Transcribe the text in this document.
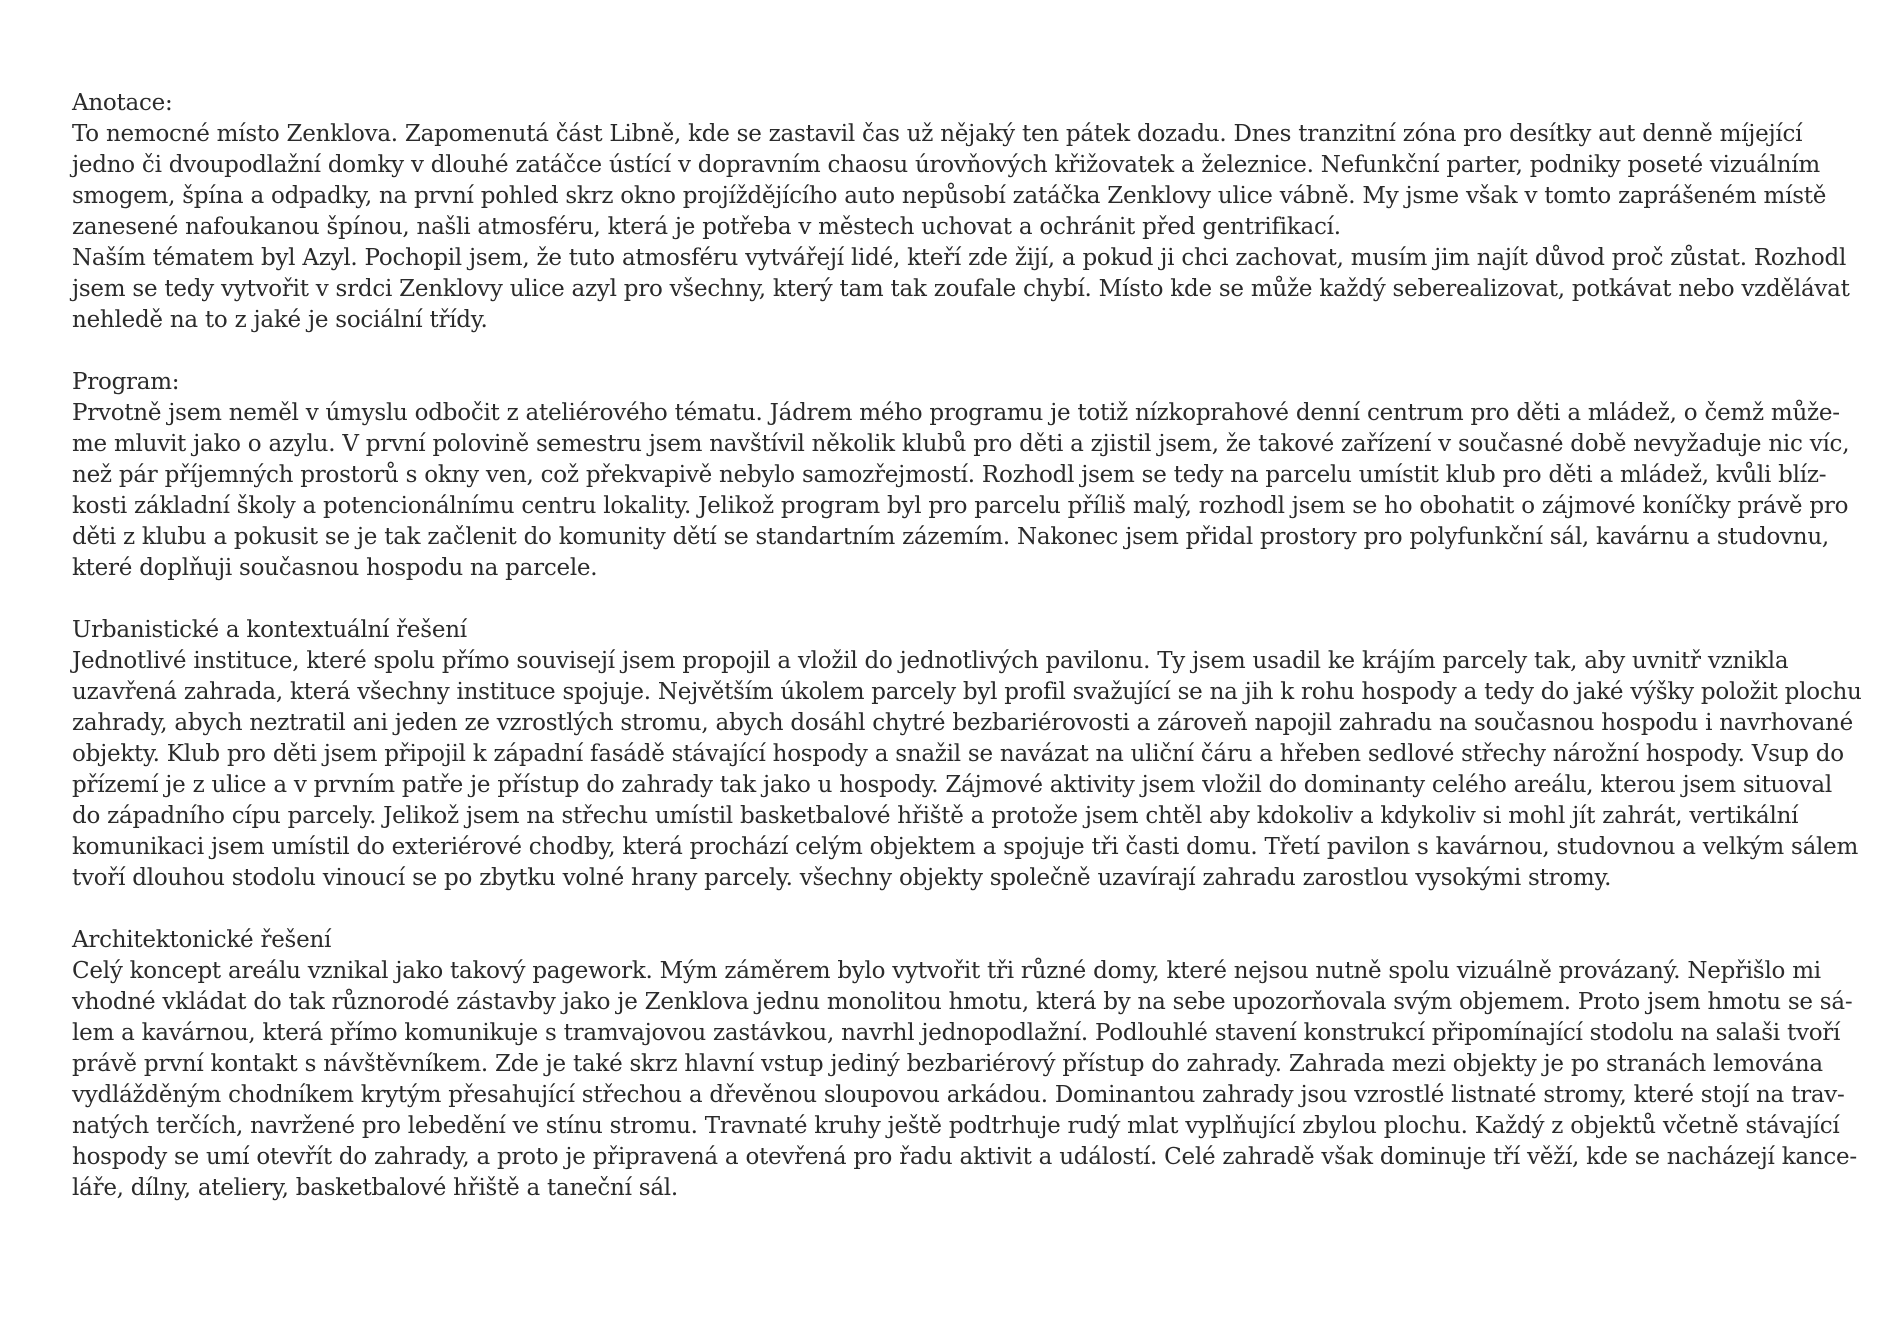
Anotace:
To nemocné místo Zenklova. Zapomenutá část Libně, kde se zastavil čas už nějaký ten pátek dozadu. Dnes tranzitní zóna pro desítky aut denně míjející
jedno či dvoupodlažní domky v dlouhé zatáčce ústící v dopravním chaosu úrovňových křižovatek a železnice. Nefunkční parter, podniky poseté vizuálním
smogem, špína a odpadky, na první pohled skrz okno projíždějícího auto nepůsobí zatáčka Zenklovy ulice vábně. My jsme však v tomto zaprášeném místě
zanesené nafoukanou špínou, našli atmosféru, která je potřeba v městech uchovat a ochránit před gentrifikací.
Naším tématem byl Azyl. Pochopil jsem, že tuto atmosféru vytvářejí lidé, kteří zde žijí, a pokud ji chci zachovat, musím jim najít důvod proč zůstat. Rozhodl
jsem se tedy vytvořit v srdci Zenklovy ulice azyl pro všechny, který tam tak zoufale chybí. Místo kde se může každý seberealizovat, potkávat nebo vzdělávat
nehledě na to z jaké je sociální třídy.
Program:
Prvotně jsem neměl v úmyslu odbočit z ateliérového tématu. Jádrem mého programu je totiž nízkoprahové denní centrum pro děti a mládež, o čemž může-
me mluvit jako o azylu. V první polovině semestru jsem navštívil několik klubů pro děti a zjistil jsem, že takové zařízení v současné době nevyžaduje nic víc,
než pár příjemných prostorů s okny ven, což překvapivě nebylo samozřejmostí. Rozhodl jsem se tedy na parcelu umístit klub pro děti a mládež, kvůli blíz-
kosti základní školy a potencionálnímu centru lokality. Jelikož program byl pro parcelu příliš malý, rozhodl jsem se ho obohatit o zájmové koníčky právě pro
děti z klubu a pokusit se je tak začlenit do komunity dětí se standartním zázemím. Nakonec jsem přidal prostory pro polyfunkční sál, kavárnu a studovnu,
které doplňuji současnou hospodu na parcele.
Urbanistické a kontextuální řešení
Jednotlivé instituce, které spolu přímo souvisejí jsem propojil a vložil do jednotlivých pavilonu. Ty jsem usadil ke krájím parcely tak, aby uvnitř vznikla
uzavřená zahrada, která všechny instituce spojuje. Největším úkolem parcely byl profil svažující se na jih k rohu hospody a tedy do jaké výšky položit plochu
zahrady, abych neztratil ani jeden ze vzrostlých stromu, abych dosáhl chytré bezbariérovosti a zároveň napojil zahradu na současnou hospodu i navrhované
objekty. Klub pro děti jsem připojil k západní fasádě stávající hospody a snažil se navázat na uliční čáru a hřeben sedlové střechy nárožní hospody. Vsup do
přízemí je z ulice a v prvním patře je přístup do zahrady tak jako u hospody. Zájmové aktivity jsem vložil do dominanty celého areálu, kterou jsem situoval
do západního cípu parcely. Jelikož jsem na střechu umístil basketbalové hřiště a protože jsem chtěl aby kdokoliv a kdykoliv si mohl jít zahrát, vertikální
komunikaci jsem umístil do exteriérové chodby, která prochází celým objektem a spojuje tři časti domu. Třetí pavilon s kavárnou, studovnou a velkým sálem
tvoří dlouhou stodolu vinoucí se po zbytku volné hrany parcely. všechny objekty společně uzavírají zahradu zarostlou vysokými stromy.
Architektonické řešení
Celý koncept areálu vznikal jako takový pagework. Mým záměrem bylo vytvořit tři různé domy, které nejsou nutně spolu vizuálně provázaný. Nepřišlo mi
vhodné vkládat do tak různorodé zástavby jako je Zenklova jednu monolitou hmotu, která by na sebe upozorňovala svým objemem. Proto jsem hmotu se sá-
lem a kavárnou, která přímo komunikuje s tramvajovou zastávkou, navrhl jednopodlažní. Podlouhlé stavení konstrukcí připomínající stodolu na salaši tvoří
právě první kontakt s návštěvníkem. Zde je také skrz hlavní vstup jediný bezbariérový přístup do zahrady. Zahrada mezi objekty je po stranách lemována
vydlážděným chodníkem krytým přesahující střechou a dřevěnou sloupovou arkádou. Dominantou zahrady jsou vzrostlé listnaté stromy, které stojí na trav-
natých terčích, navržené pro lebedění ve stínu stromu. Travnaté kruhy ještě podtrhuje rudý mlat vyplňující zbylou plochu. Každý z objektů včetně stávající
hospody se umí otevřít do zahrady, a proto je připravená a otevřená pro řadu aktivit a událostí. Celé zahradě však dominuje tří věží, kde se nacházejí kance-
láře, dílny, ateliery, basketbalové hřiště a taneční sál.
